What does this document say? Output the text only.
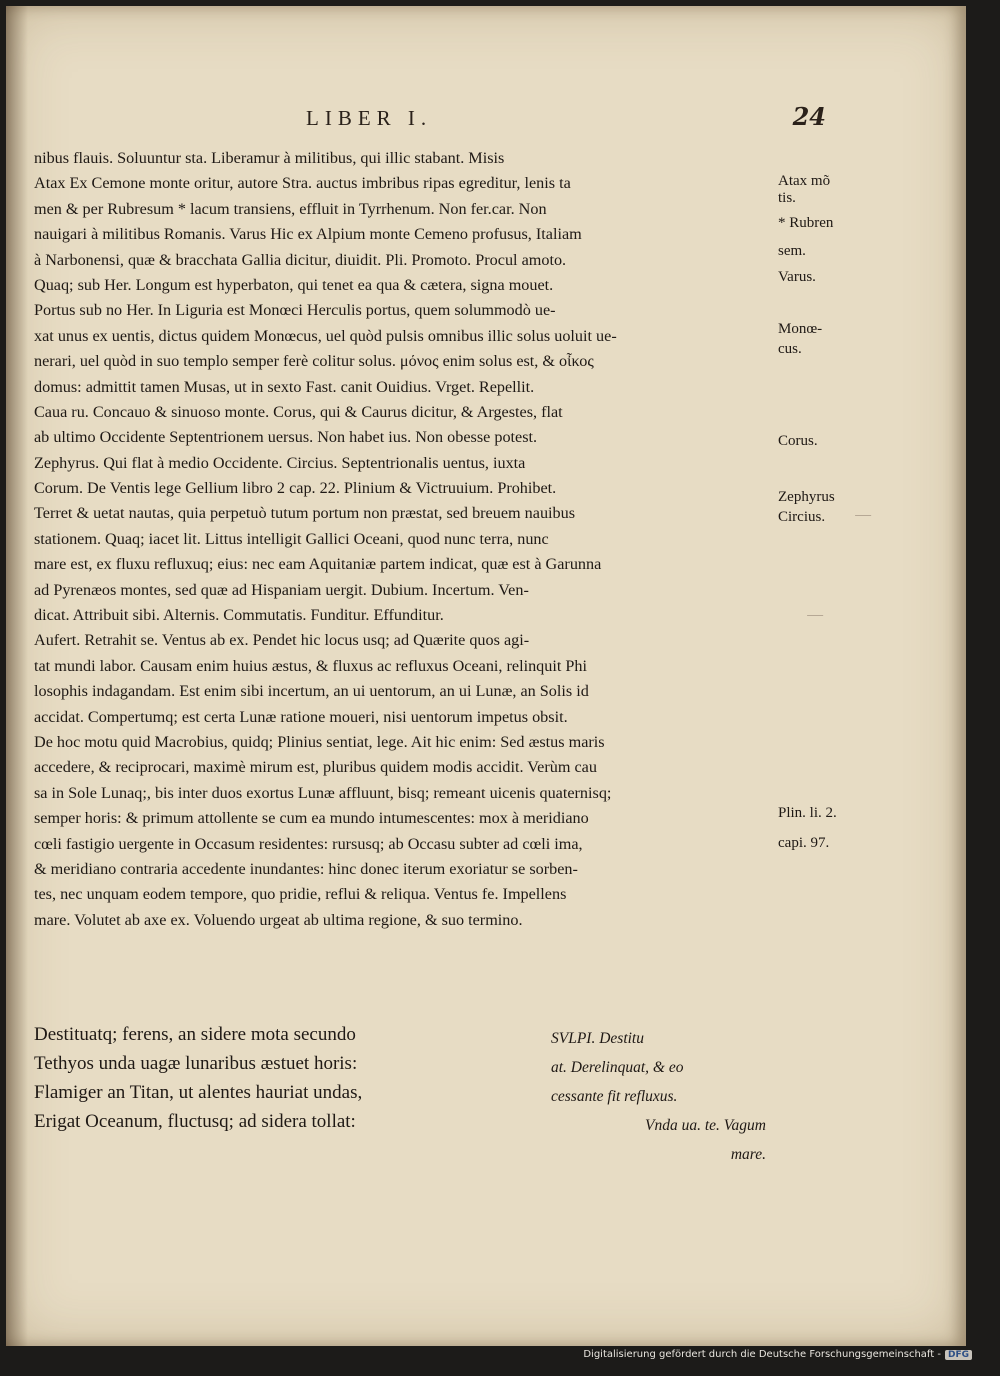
LIBER I.	24
nibus flauis. Soluuntur sta. Liberamur à militibus, qui illic stabant. Misis
Atax Ex Cemone monte oritur, autore Stra. auctus imbribus ripas egreditur, lenis ta
men & per Rubresum * lacum transiens, effluit in Tyrrhenum. Non fer.car. Non
nauigari à militibus Romanis. Varus Hic ex Alpium monte Cemeno profusus, Italiam
à Narbonensi, quæ & bracchata Gallia dicitur, diuidit. Pli. Promoto. Procul amoto.
Quaq; sub Her. Longum est hyperbaton, qui tenet ea qua & cætera, signa mouet.
Portus sub no Her. In Liguria est Monœci Herculis portus, quem solummodò ue-
xat unus ex uentis, dictus quidem Monœcus, uel quòd pulsis omnibus illic solus uoluit ue-
nerari, uel quòd in suo templo semper ferè colitur solus. μόνος enim solus est, & οἶκος
domus: admittit tamen Musas, ut in sexto Fast. canit Ouidius. Vrget. Repellit.
Caua ru. Concauo & sinuoso monte. Corus, qui & Caurus dicitur, & Argestes, flat
ab ultimo Occidente Septentrionem uersus. Non habet ius. Non obesse potest.
Zephyrus. Qui flat à medio Occidente. Circius. Septentrionalis uentus, iuxta
Corum. De Ventis lege Gellium libro 2 cap. 22. Plinium & Victruuium. Prohibet.
Terret & uetat nautas, quia perpetuò tutum portum non præstat, sed breuem nauibus
stationem. Quaq; iacet lit. Littus intelligit Gallici Oceani, quod nunc terra, nunc
mare est, ex fluxu refluxuq; eius: nec eam Aquitaniæ partem indicat, quæ est à Garunna
ad Pyrenæos montes, sed quæ ad Hispaniam uergit. Dubium. Incertum. Ven-
dicat. Attribuit sibi. Alternis. Commutatis. Funditur. Effunditur.
Aufert. Retrahit se. Ventus ab ex. Pendet hic locus usq; ad Quærite quos agi-
tat mundi labor. Causam enim huius æstus, & fluxus ac refluxus Oceani, relinquit Phi
losophis indagandam. Est enim sibi incertum, an ui uentorum, an ui Lunæ, an Solis id
accidat. Compertumq; est certa Lunæ ratione moueri, nisi uentorum impetus obsit.
De hoc motu quid Macrobius, quidq; Plinius sentiat, lege. Ait hic enim: Sed æstus maris
accedere, & reciprocari, maximè mirum est, pluribus quidem modis accidit. Verùm cau
sa in Sole Lunaq;, bis inter duos exortus Lunæ affluunt, bisq; remeant uicenis quaternisq;
semper horis: & primum attollente se cum ea mundo intumescentes: mox à meridiano
cœli fastigio uergente in Occasum residentes: rursusq; ab Occasu subter ad cœli ima,
& meridiano contraria accedente inundantes: hinc donec iterum exoriatur se sorben-
tes, nec unquam eodem tempore, quo pridie, reflui & reliqua. Ventus fe. Impellens
mare. Volutet ab axe ex. Voluendo urgeat ab ultima regione, & suo termino.
Atax mõ
tis.
* Rubren
sem.
Varus.
Monœ-
cus.
Corus.
Zephyrus
Circius.
Plin. li. 2.
capi. 97.
⸺
⸺
Destituatq; ferens, an sidere mota secundo
Tethyos unda uagæ lunaribus æstuet horis:
Flamiger an Titan, ut alentes hauriat undas,
Erigat Oceanum, fluctusq; ad sidera tollat:
SVLPI. Destitu
at. Derelinquat, & eo
cessante fit refluxus.
Vnda ua. te. Vagum
mare.
Digitalisierung gefördert durch die Deutsche Forschungsgemeinschaft - DFG
